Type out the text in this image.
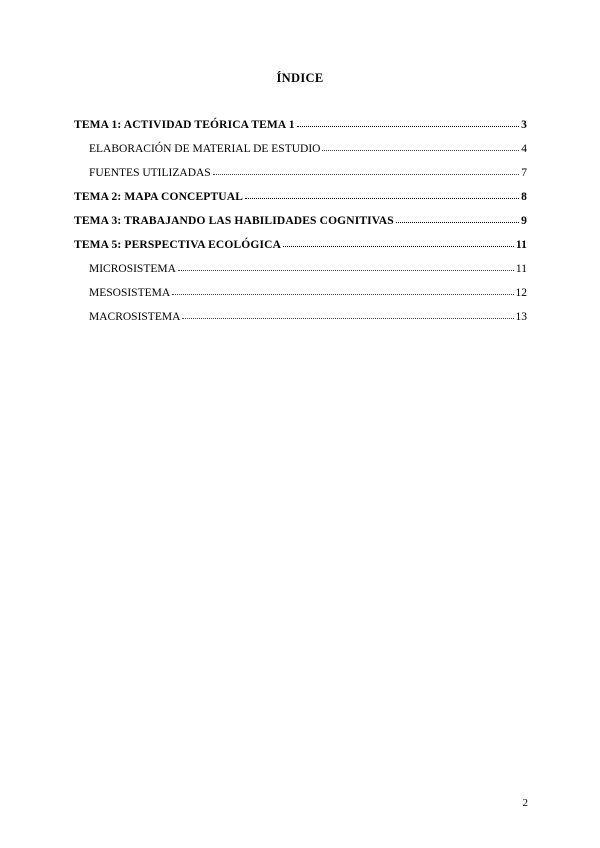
ÍNDICE
TEMA 1: ACTIVIDAD TEÓRICA TEMA 1	3
ELABORACIÓN DE MATERIAL DE ESTUDIO	4
FUENTES UTILIZADAS	7
TEMA 2: MAPA CONCEPTUAL	8
TEMA 3: TRABAJANDO LAS HABILIDADES COGNITIVAS	9
TEMA 5: PERSPECTIVA ECOLÓGICA	11
MICROSISTEMA	11
MESOSISTEMA	12
MACROSISTEMA	13
2
